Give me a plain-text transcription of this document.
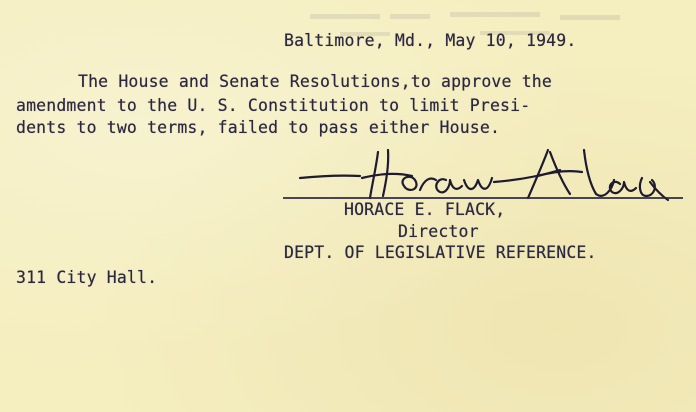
Baltimore, Md., May 10, 1949.
The House and Senate Resolutions,to approve the
amendment to the U. S. Constitution to limit Presi-
dents to two terms, failed to pass either House.
HORACE E. FLACK,
Director
DEPT. OF LEGISLATIVE REFERENCE.
311 City Hall.
